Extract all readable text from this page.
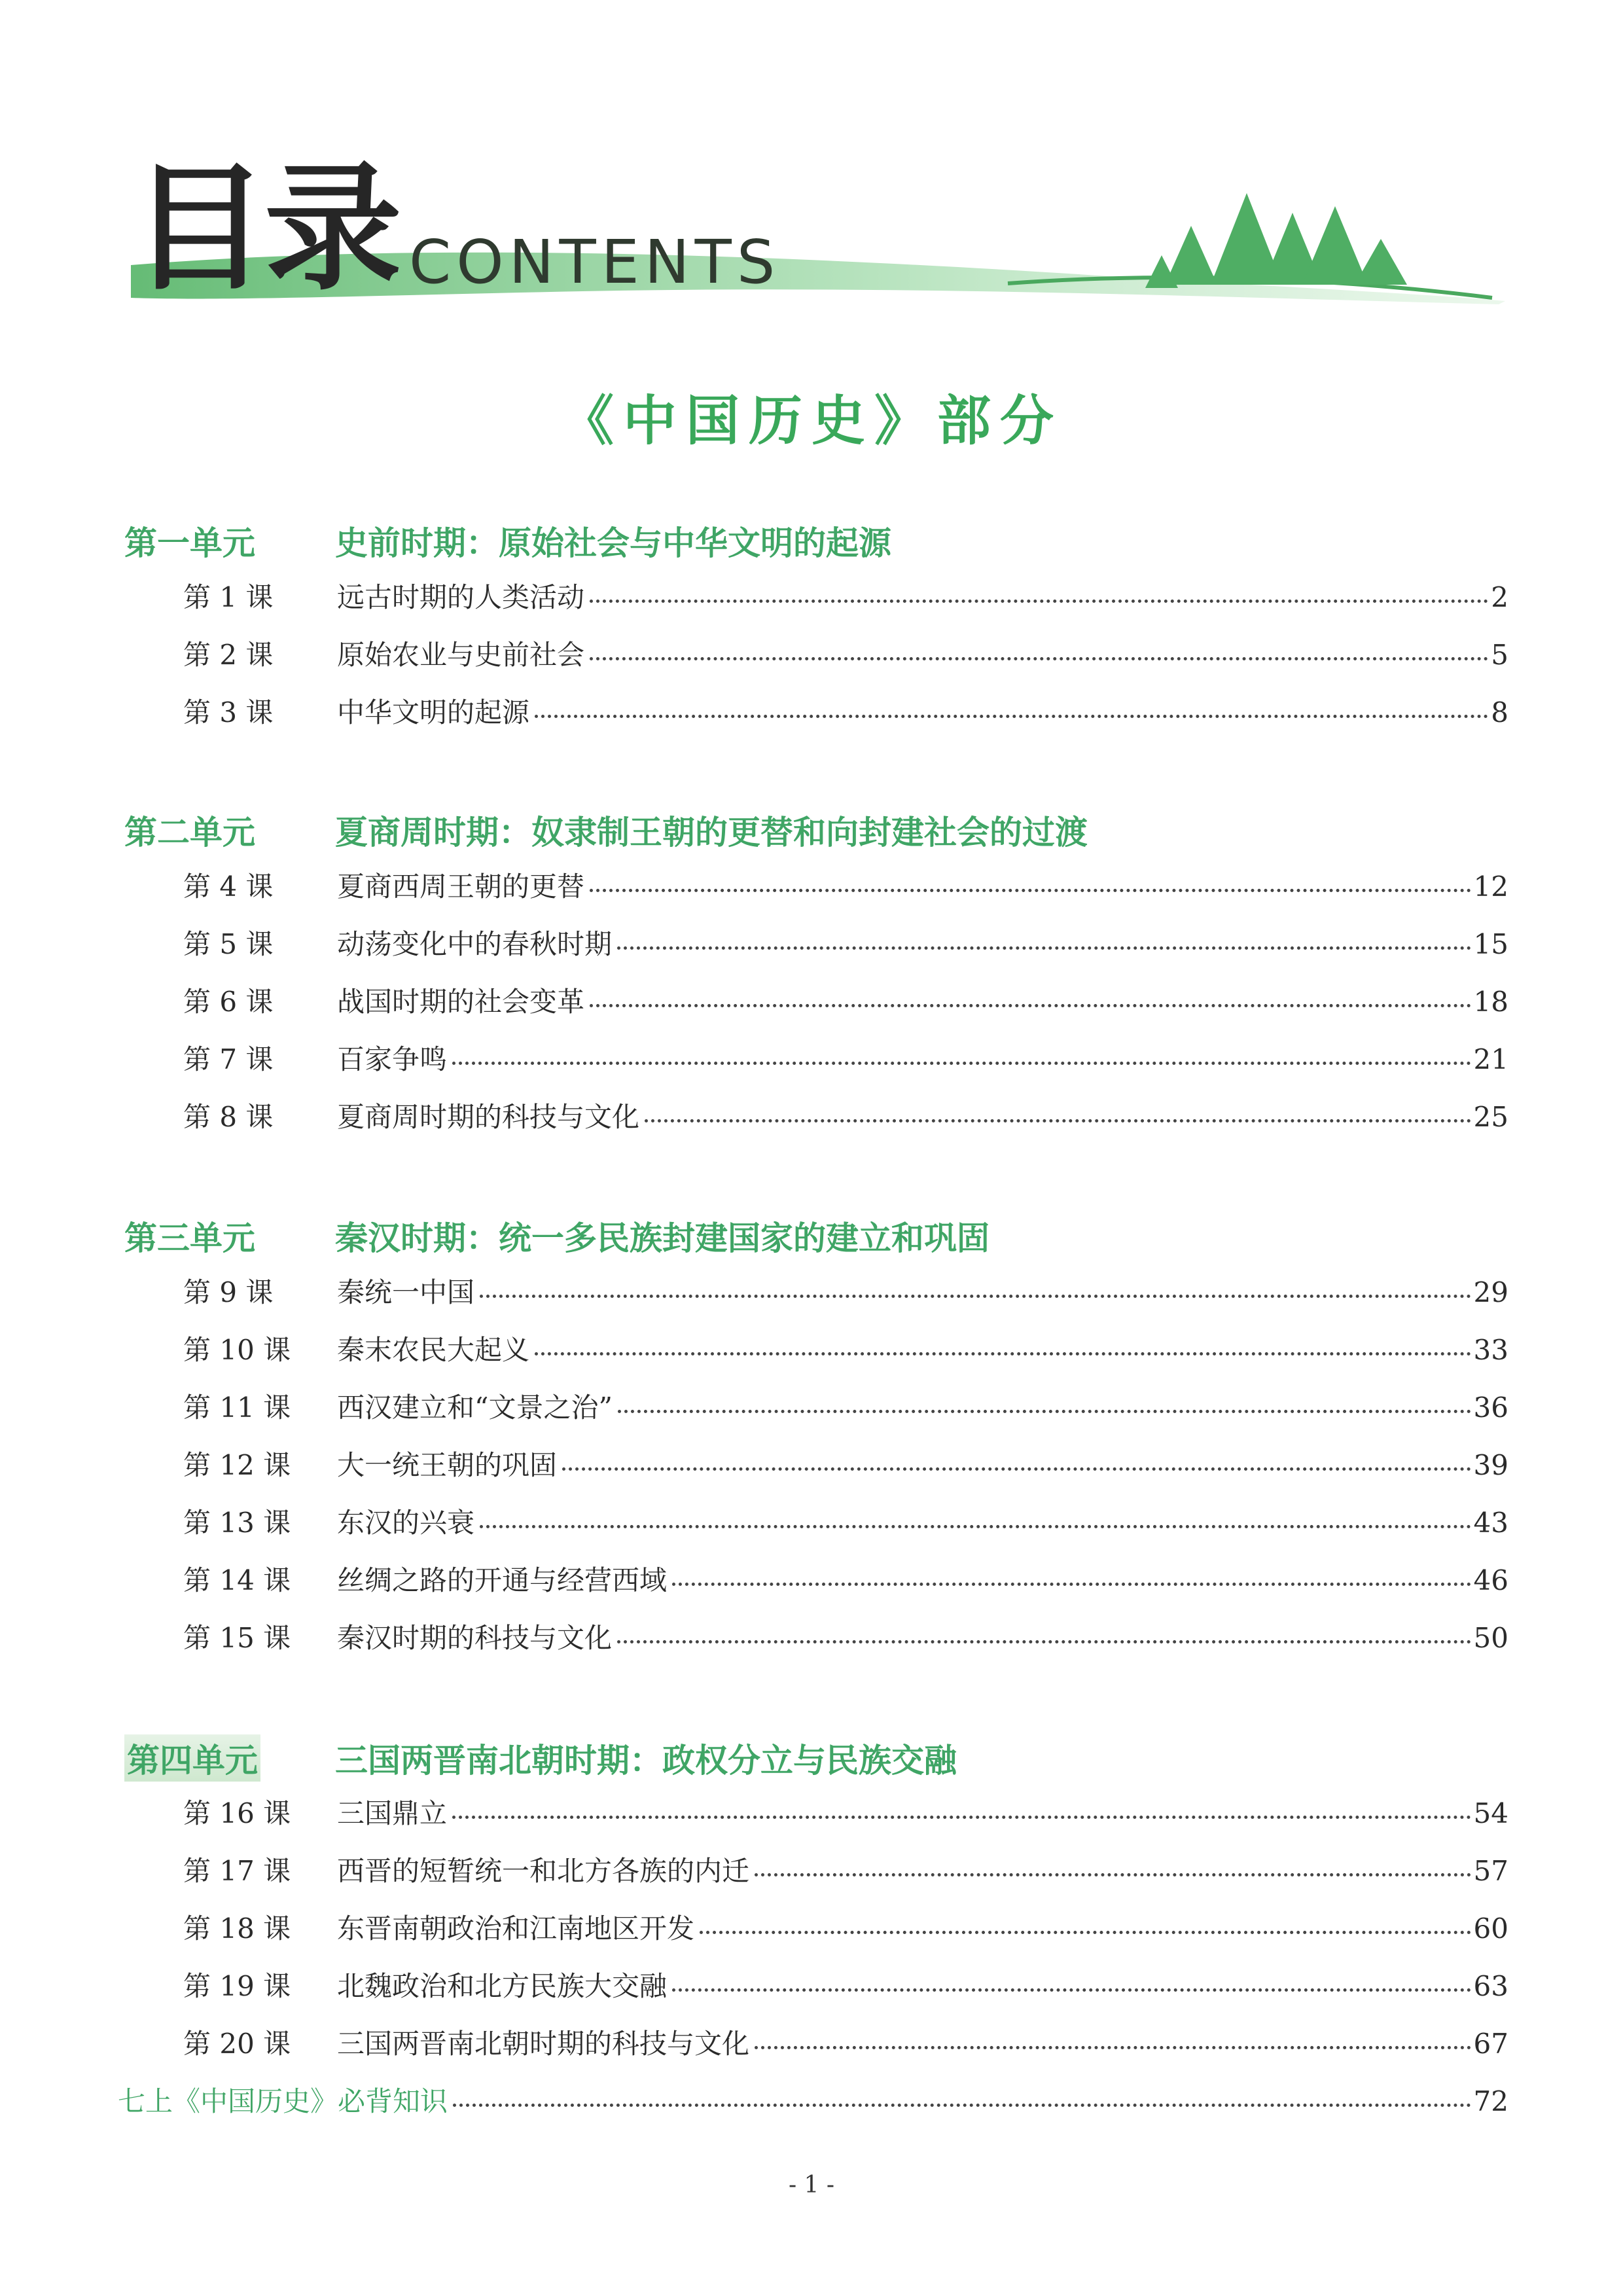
目录 CONTENTS
《中国历史》部分
第一单元 史前时期：原始社会与中华文明的起源
第 1 课	远古时期的人类活动	2
第 2 课	原始农业与史前社会	5
第 3 课	中华文明的起源	8
第二单元 夏商周时期：奴隶制王朝的更替和向封建社会的过渡
第 4 课	夏商西周王朝的更替	12
第 5 课	动荡变化中的春秋时期	15
第 6 课	战国时期的社会变革	18
第 7 课	百家争鸣	21
第 8 课	夏商周时期的科技与文化	25
第三单元 秦汉时期：统一多民族封建国家的建立和巩固
第 9 课	秦统一中国	29
第 10 课	秦末农民大起义	33
第 11 课	西汉建立和“文景之治”	36
第 12 课	大一统王朝的巩固	39
第 13 课	东汉的兴衰	43
第 14 课	丝绸之路的开通与经营西域	46
第 15 课	秦汉时期的科技与文化	50
第四单元 三国两晋南北朝时期：政权分立与民族交融
第 16 课	三国鼎立	54
第 17 课	西晋的短暂统一和北方各族的内迁	57
第 18 课	东晋南朝政治和江南地区开发	60
第 19 课	北魏政治和北方民族大交融	63
第 20 课	三国两晋南北朝时期的科技与文化	67
七上《中国历史》必背知识	72
- 1 -
